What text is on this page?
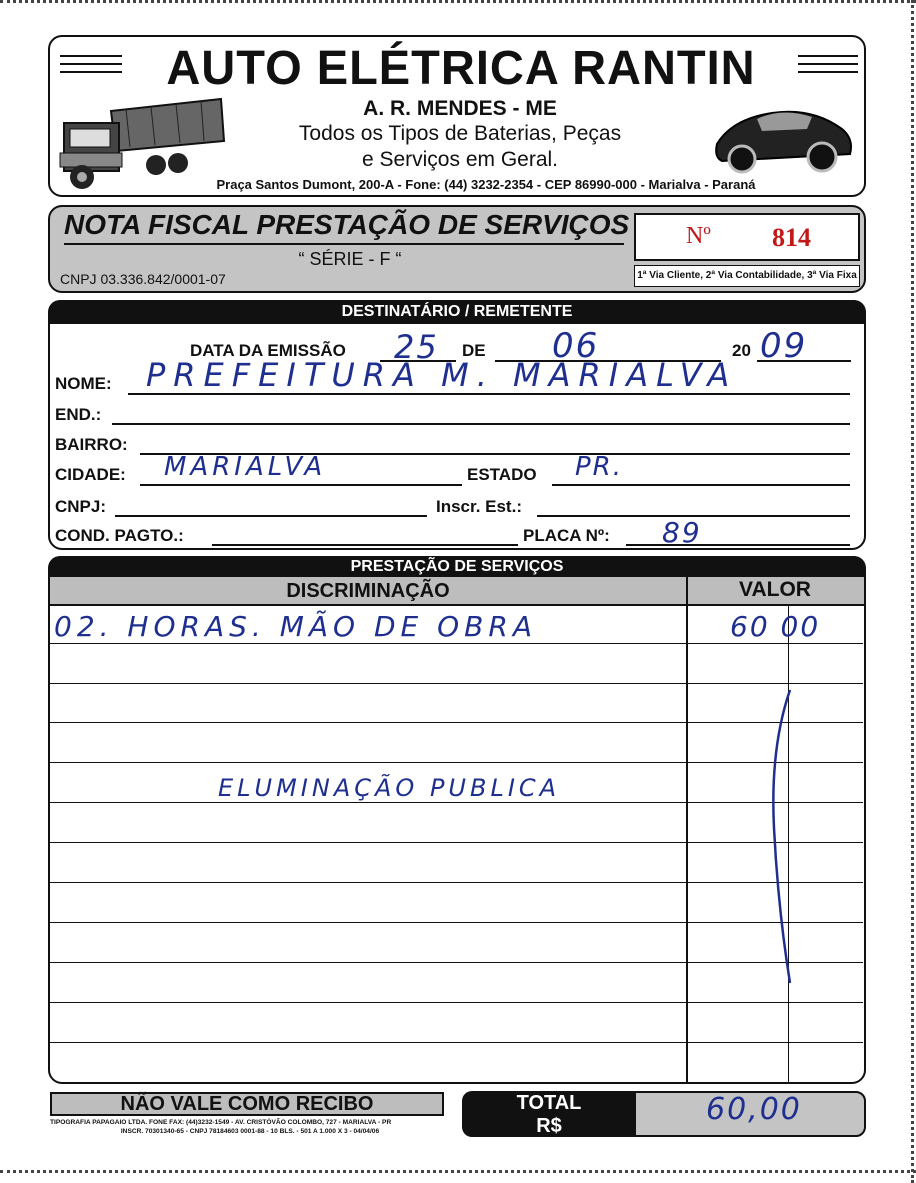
AUTO ELÉTRICA RANTIN
A. R. MENDES - ME
Todos os Tipos de Baterias, Peças
e Serviços em Geral.
Praça Santos Dumont, 200-A - Fone: (44) 3232-2354 - CEP 86990-000 - Marialva - Paraná
NOTA FISCAL PRESTAÇÃO DE SERVIÇOS
“ SÉRIE - F “
CNPJ 03.336.842/0001-07
Nº 814
1ª Via Cliente, 2ª Via Contabilidade, 3ª Via Fixa
DESTINATÁRIO / REMETENTE
DATA DA EMISSÃO 25 DE 06	20 09
NOME: PREFEITURA M. MARIALVA
END.:
BAIRRO:
CIDADE: MARIALVA	ESTADO PR.
CNPJ:	Inscr. Est.:
COND. PAGTO.:	PLACA Nº: 89
PRESTAÇÃO DE SERVIÇOS
DISCRIMINAÇÃO	VALOR
02. HORAS. MÃO DE OBRA	60 00
ELUMINAÇÃO PUBLICA
NÃO VALE COMO RECIBO
TIPOGRAFIA PAPAGAIO LTDA. FONE FAX: (44)3232-1549 - AV. CRISTÓVÃO COLOMBO, 727 - MARIALVA - PR
INSCR. 70301340-65 - CNPJ 78184603 0001-88 - 10 BLS. - 501 A 1.000 X 3 - 04/04/06
TOTAL
R$	60,00
